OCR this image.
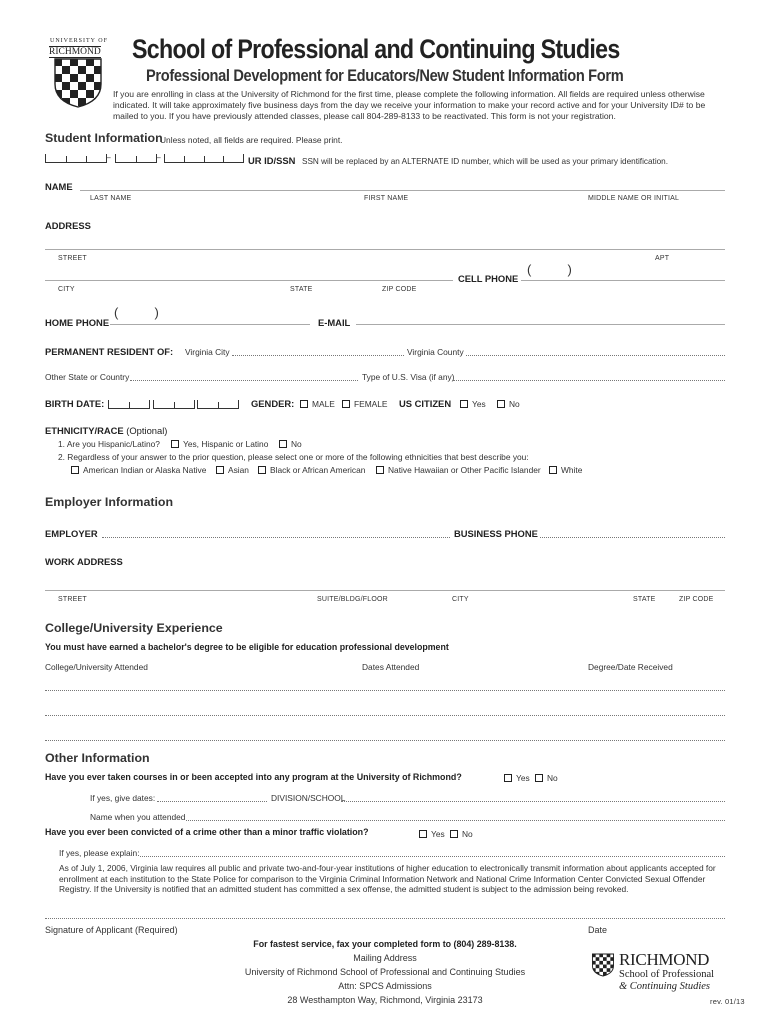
UNIVERSITY OF
RICHMOND School of Professional and Continuing Studies
Professional Development for Educators/New Student Information Form
If you are enrolling in class at the University of Richmond for the first time, please complete the following information. All fields are required unless otherwise indicated. It will take approximately five business days from the day we receive your information to make your record active and for your University ID# to be mailed to you. If you have previously attended classes, please call 804-289-8133 to be reactivated. This form is not your registration.
Student Information
Unless noted, all fields are required. Please print.
–	–	UR ID/SSN SSN will be replaced by an ALTERNATE ID number, which will be used as your primary identification.
NAME
LAST NAME	FIRST NAME	MIDDLE NAME OR INITIAL
ADDRESS
STREET	APT
CELL PHONE
(          )
CITY	STATE	ZIP CODE
HOME PHONE
(          )
E-MAIL
PERMANENT RESIDENT OF: Virginia City	Virginia County
Other State or Country	Type of U.S. Visa (if any)
BIRTH DATE:	GENDER:	MALE	FEMALE US CITIZEN	Yes	No
ETHNICITY/RACE (Optional)
1. Are you Hispanic/Latino?	Yes, Hispanic or Latino	No
2. Regardless of your answer to the prior question, please select one or more of the following ethnicities that best describe you:
American Indian or Alaska Native	Asian	Black or African American	Native Hawaiian or Other Pacific Islander	White
Employer Information
EMPLOYER	BUSINESS PHONE
WORK ADDRESS
STREET	SUITE/BLDG/FLOOR	CITY	STATE	ZIP CODE
College/University Experience
You must have earned a bachelor's degree to be eligible for education professional development
College/University Attended	Dates Attended	Degree/Date Received
Other Information
Have you ever taken courses in or been accepted into any program at the University of Richmond?	Yes	No
If yes, give dates:	DIVISION/SCHOOL
Name when you attended
Have you ever been convicted of a crime other than a minor traffic violation?	Yes	No
If yes, please explain:
As of July 1, 2006, Virginia law requires all public and private two-and-four-year institutions of higher education to electronically transmit information about applicants accepted for enrollment at each institution to the State Police for comparison to the Virginia Criminal Information Network and National Crime Information Center Convicted Sexual Offender Registry. If the University is notified that an admitted student has committed a sex offense, the admitted student is subject to the admission being revoked.
Signature of Applicant (Required)	Date
For fastest service, fax your completed form to (804) 289-8138.
Mailing Address
University of Richmond School of Professional and Continuing Studies
Attn: SPCS Admissions
28 Westhampton Way, Richmond, Virginia 23173
RICHMOND
School of Professional
& Continuing Studies
rev. 01/13
